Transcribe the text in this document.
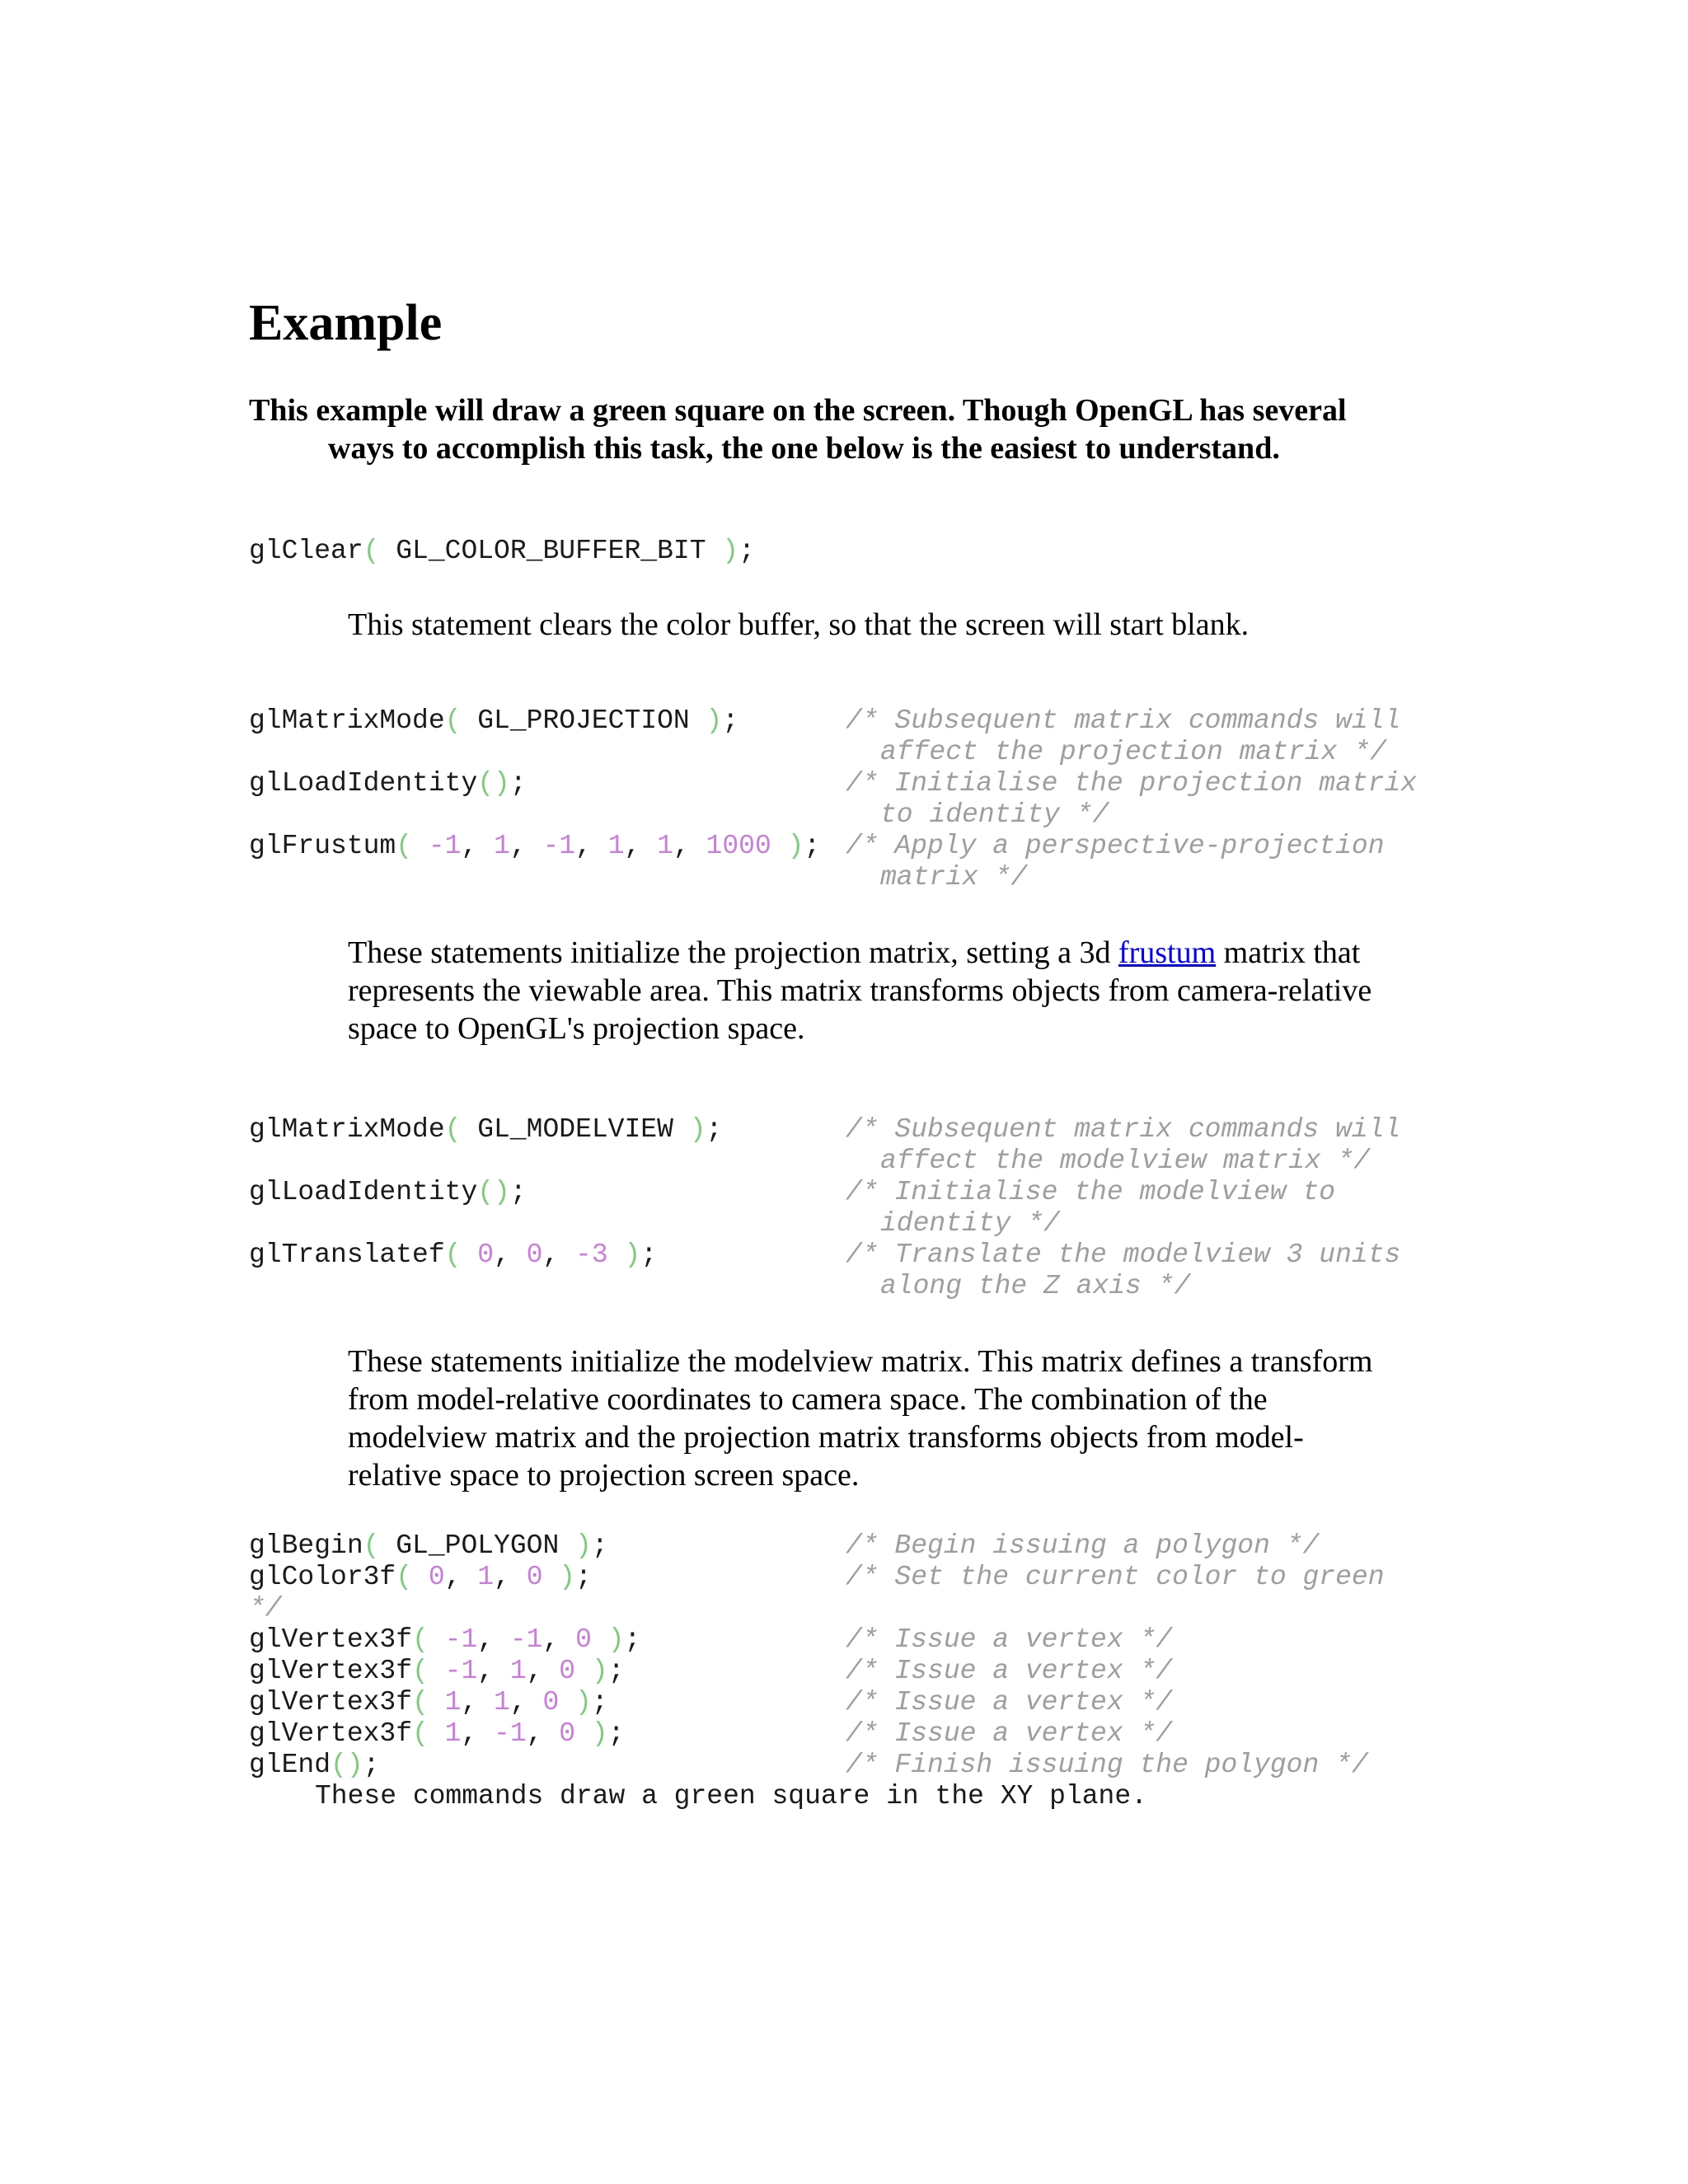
Example
This example will draw a green square on the screen. Though OpenGL has several
ways to accomplish this task, the one below is the easiest to understand.
glClear( GL_COLOR_BUFFER_BIT );
This statement clears the color buffer, so that the screen will start blank.
glMatrixMode( GL_PROJECTION );	/* Subsequent matrix commands will
affect the projection matrix */
glLoadIdentity();	/* Initialise the projection matrix
to identity */
glFrustum( -1, 1, -1, 1, 1, 1000 ); /* Apply a perspective-projection
matrix */
These statements initialize the projection matrix, setting a 3d frustum matrix that
represents the viewable area. This matrix transforms objects from camera-relative
space to OpenGL's projection space.
glMatrixMode( GL_MODELVIEW );	/* Subsequent matrix commands will
affect the modelview matrix */
glLoadIdentity();	/* Initialise the modelview to
identity */
glTranslatef( 0, 0, -3 );	/* Translate the modelview 3 units
along the Z axis */
These statements initialize the modelview matrix. This matrix defines a transform
from model-relative coordinates to camera space. The combination of the
modelview matrix and the projection matrix transforms objects from model-
relative space to projection screen space.
glBegin( GL_POLYGON );	/* Begin issuing a polygon */
glColor3f( 0, 1, 0 );	/* Set the current color to green
*/
glVertex3f( -1, -1, 0 );	/* Issue a vertex */
glVertex3f( -1, 1, 0 );	/* Issue a vertex */
glVertex3f( 1, 1, 0 );	/* Issue a vertex */
glVertex3f( 1, -1, 0 );	/* Issue a vertex */
glEnd();	/* Finish issuing the polygon */
These commands draw a green square in the XY plane.
